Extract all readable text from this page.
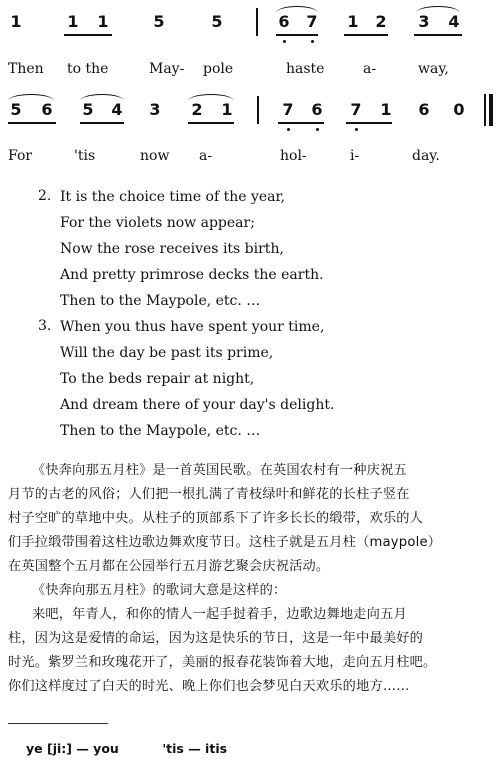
1	1 1	5	5	6 7 1 2 3 4
Then to the	May- pole	haste	a-	way,
5 6 5 4 3 2 1	7 6 7 1 6 0
For	'tis	now a-	hol-	i-	day.
2. It is the choice time of the year,
For the violets now appear;
Now the rose receives its birth,
And pretty primrose decks the earth.
Then to the Maypole, etc. …
3. When you thus have spent your time,
Will the day be past its prime,
To the beds repair at night,
And dream there of your day's delight.
Then to the Maypole, etc. …

《快奔向那五月柱》是一首英国民歌。在英国农村有一种庆祝五

月节的古老的风俗；人们把一根扎满了青枝绿叶和鲜花的长柱子竖在

村子空旷的草地中央。从柱子的顶部系下了许多长长的缎带，欢乐的人

们手拉缎带围着这柱边歌边舞欢度节日。这柱子就是五月柱（maypole）

在英国整个五月都在公园举行五月游艺聚会庆祝活动。

《快奔向那五月柱》的歌词大意是这样的：

来吧，年青人，和你的情人一起手挝着手，边歌边舞地走向五月

柱，因为这是爱情的命运，因为这是快乐的节日，这是一年中最美好的

时光。紫罗兰和玫瑰花开了，美丽的报春花装饰着大地，走向五月柱吧。

你们这样度过了白天的时光、晚上你们也会梦见白天欢乐的地方……

ye [ji:] — you          'tis — itis
